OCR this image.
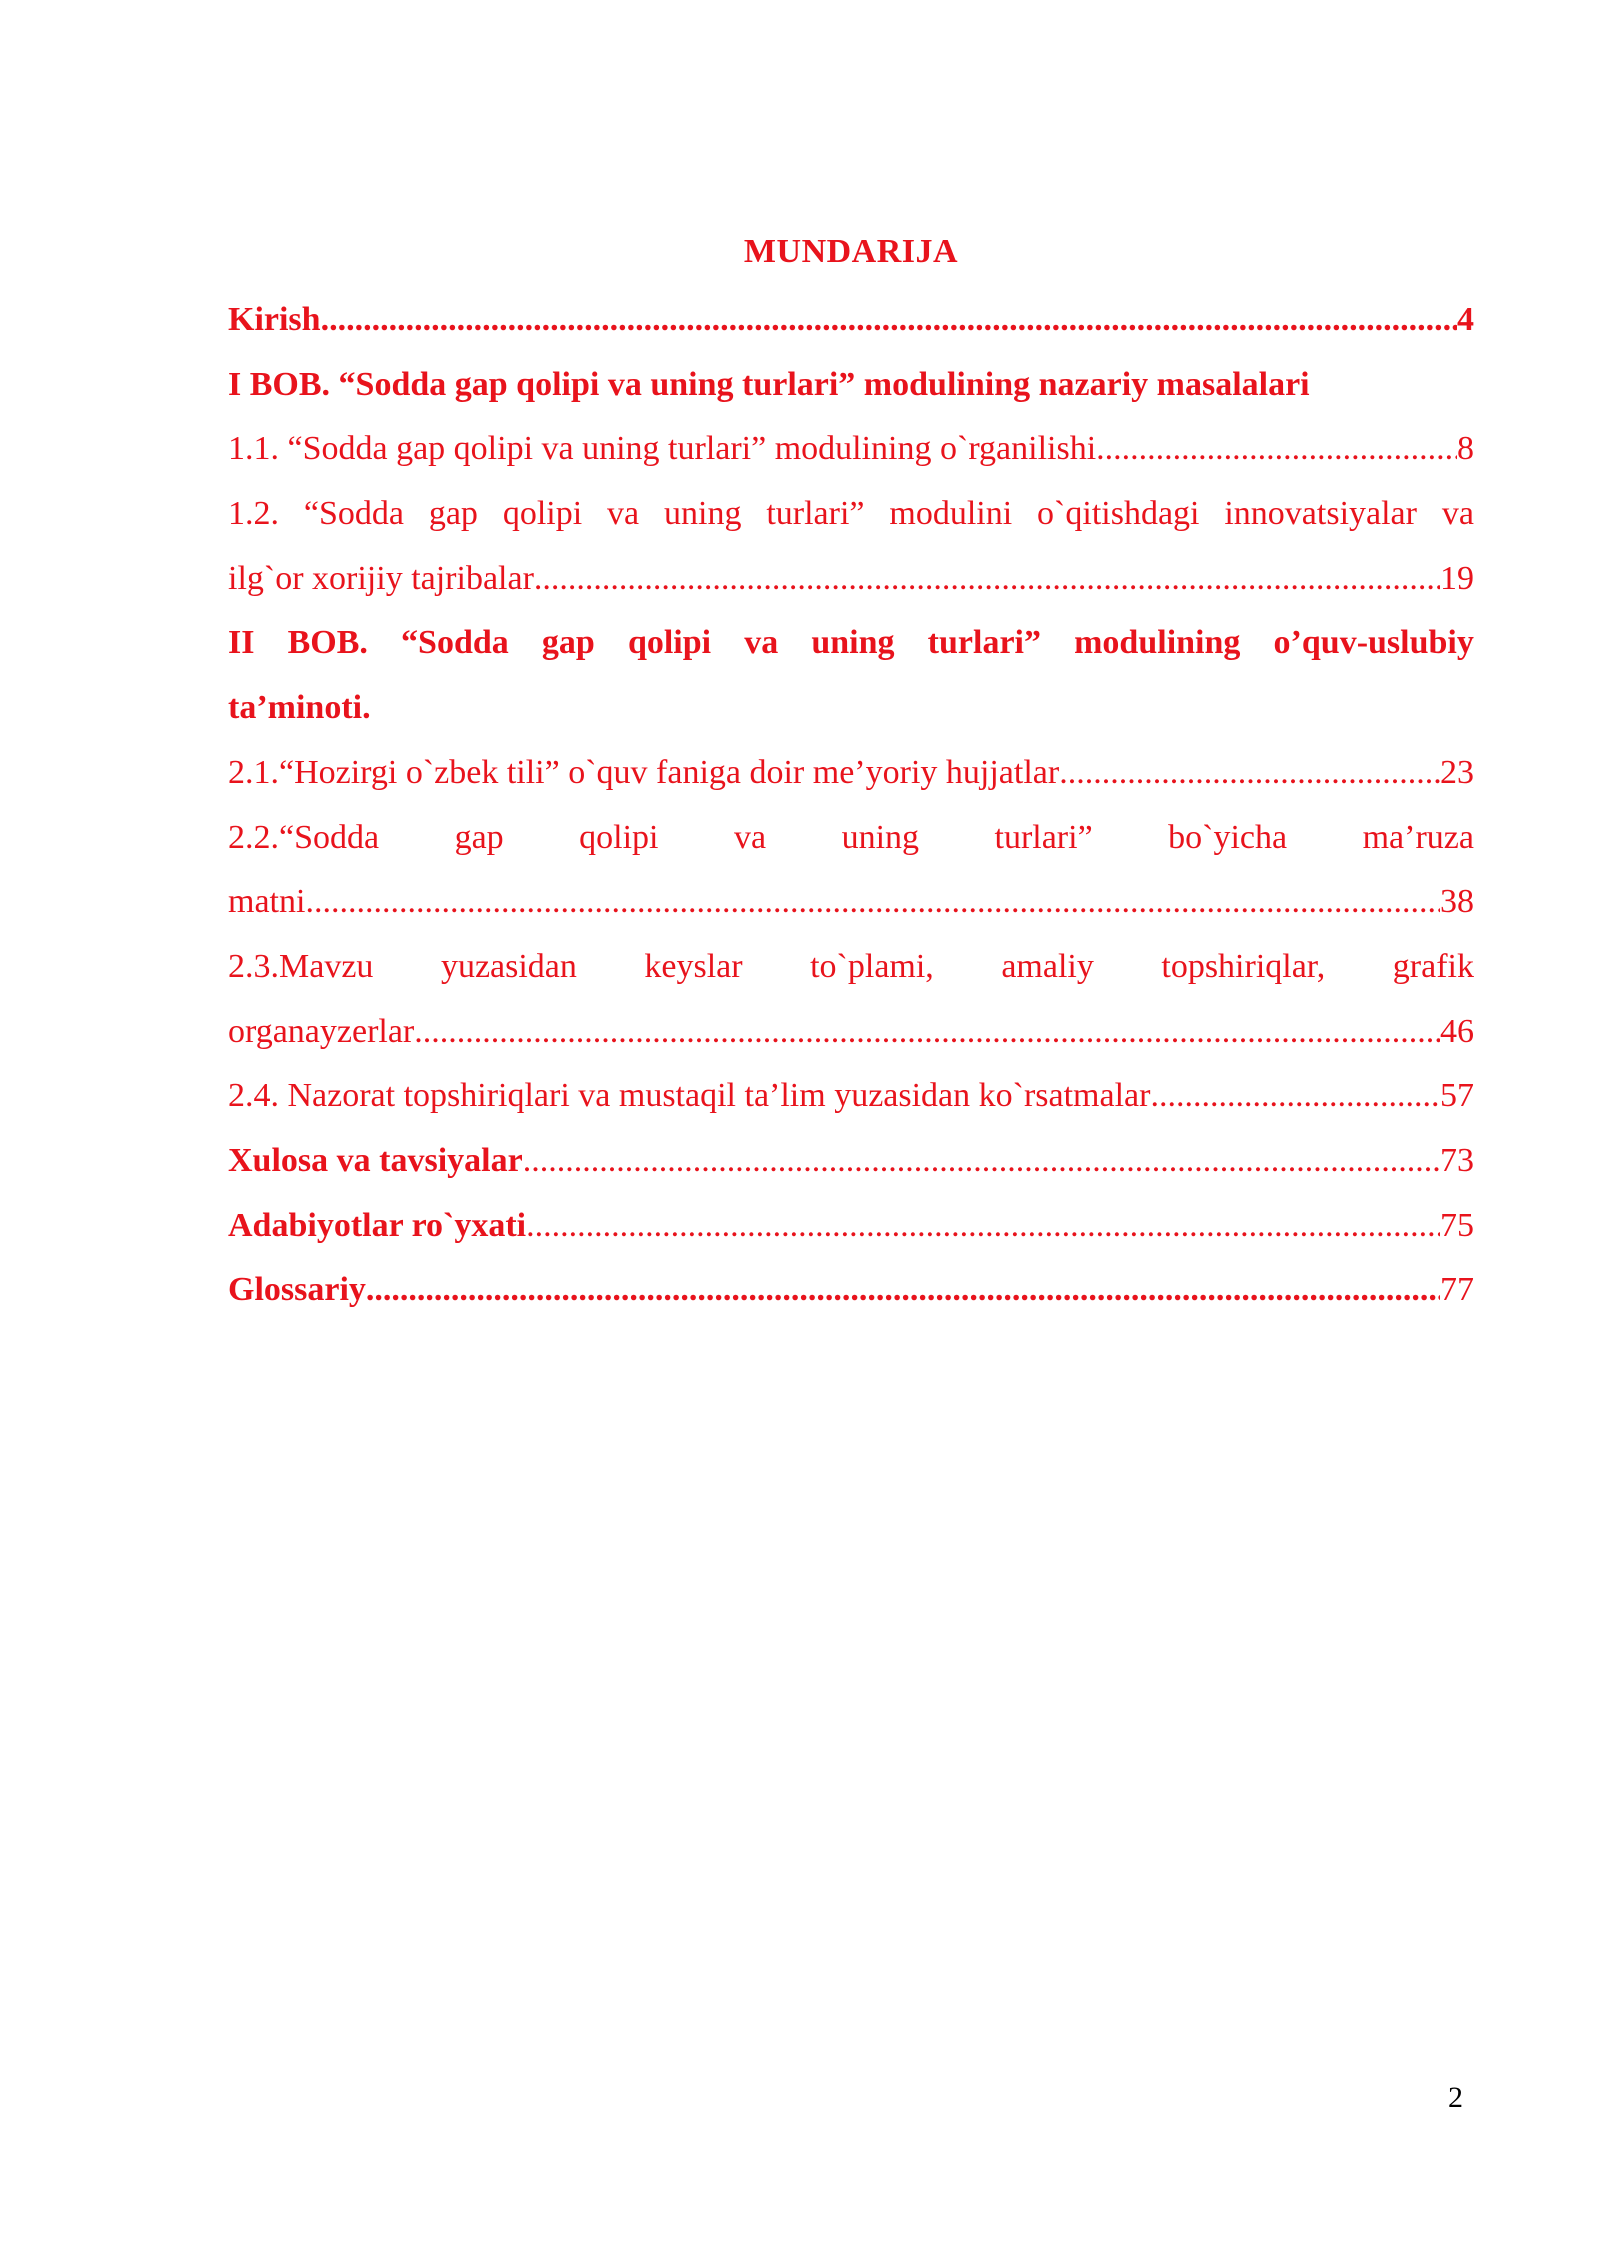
MUNDARIJA
Kirish .....	4
I BOB. “Sodda gap qolipi va uning turlari” modulining nazariy masalalari
1.1. “Sodda gap qolipi va uning turlari” modulining o`rganilishi .....	8
1.2. “Sodda gap qolipi va uning turlari” modulini o`qitishdagi innovatsiyalar va
ilg`or xorijiy tajribalar .....	19
II BOB. “Sodda gap qolipi va uning turlari” modulining o’quv-uslubiy
ta’minoti.
2.1.“Hozirgi o`zbek tili” o`quv faniga doir me’yoriy hujjatlar .....	23
2.2.“Sodda gap qolipi va uning turlari” bo`yicha ma’ruza
matni .....	38
2.3.Mavzu yuzasidan keyslar to`plami, amaliy topshiriqlar, grafik
organayzerlar .....	46
2.4. Nazorat topshiriqlari va mustaqil ta’lim yuzasidan ko`rsatmalar .....	57
Xulosa va tavsiyalar .....	73
Adabiyotlar ro`yxati .....	75
Glossariy .....	77
2
